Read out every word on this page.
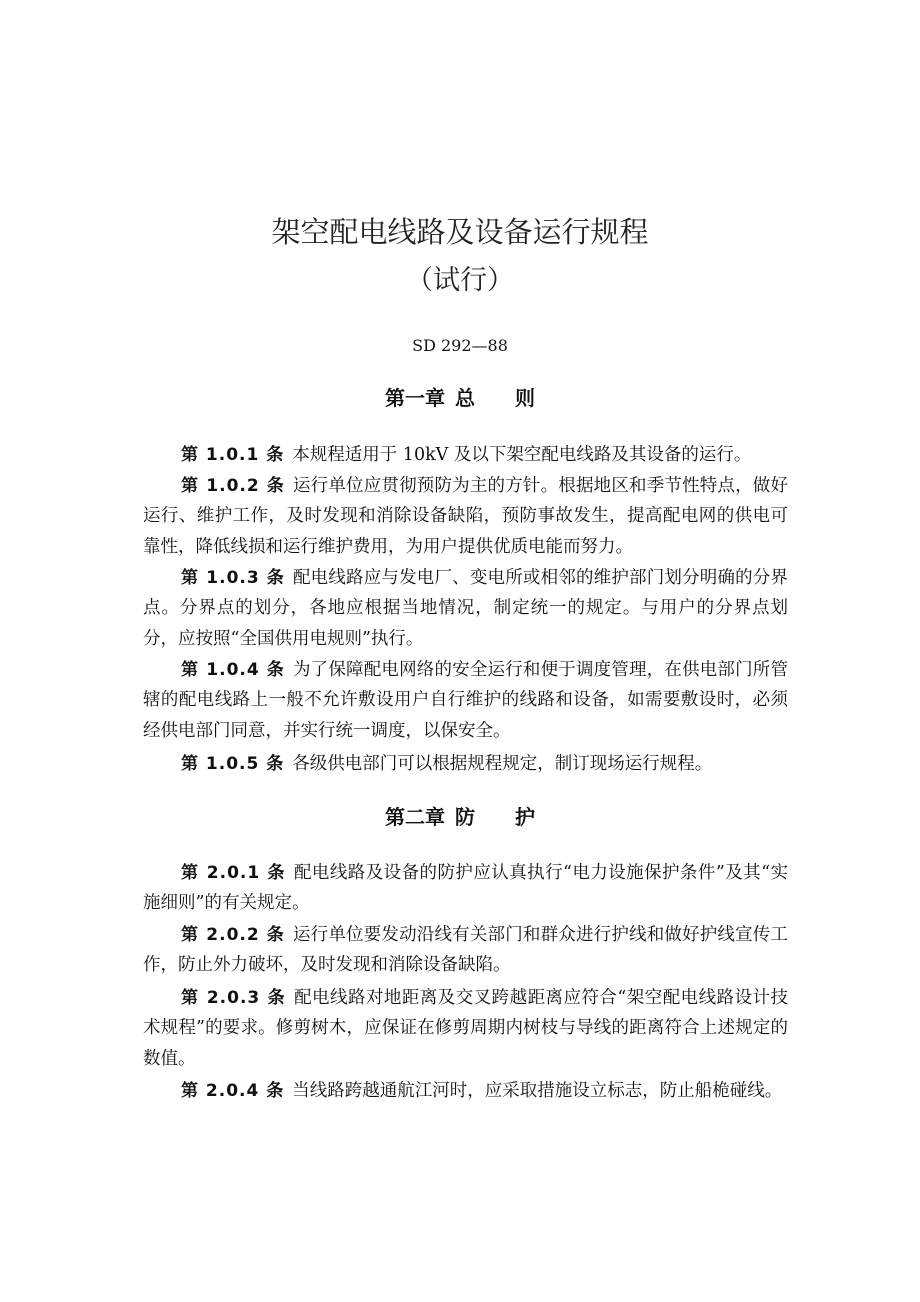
架空配电线路及设备运行规程
（试行）
SD 292—88
第一章 总 则
第 1.0.1 条 本规程适用于 10kV 及以下架空配电线路及其设备的运行。
第 1.0.2 条 运行单位应贯彻预防为主的方针。根据地区和季节性特点，做好运行、维护工作，及时发现和消除设备缺陷，预防事故发生，提高配电网的供电可靠性，降低线损和运行维护费用，为用户提供优质电能而努力。
第 1.0.3 条 配电线路应与发电厂、变电所或相邻的维护部门划分明确的分界点。分界点的划分，各地应根据当地情况，制定统一的规定。与用户的分界点划分，应按照“全国供用电规则”执行。
第 1.0.4 条 为了保障配电网络的安全运行和便于调度管理，在供电部门所管辖的配电线路上一般不允许敷设用户自行维护的线路和设备，如需要敷设时，必须经供电部门同意，并实行统一调度，以保安全。
第 1.0.5 条 各级供电部门可以根据规程规定，制订现场运行规程。
第二章 防 护
第 2.0.1 条 配电线路及设备的防护应认真执行“电力设施保护条件”及其“实施细则”的有关规定。
第 2.0.2 条 运行单位要发动沿线有关部门和群众进行护线和做好护线宣传工作，防止外力破坏，及时发现和消除设备缺陷。
第 2.0.3 条 配电线路对地距离及交叉跨越距离应符合“架空配电线路设计技术规程”的要求。修剪树木，应保证在修剪周期内树枝与导线的距离符合上述规定的数值。
第 2.0.4 条 当线路跨越通航江河时，应采取措施设立标志，防止船桅碰线。
